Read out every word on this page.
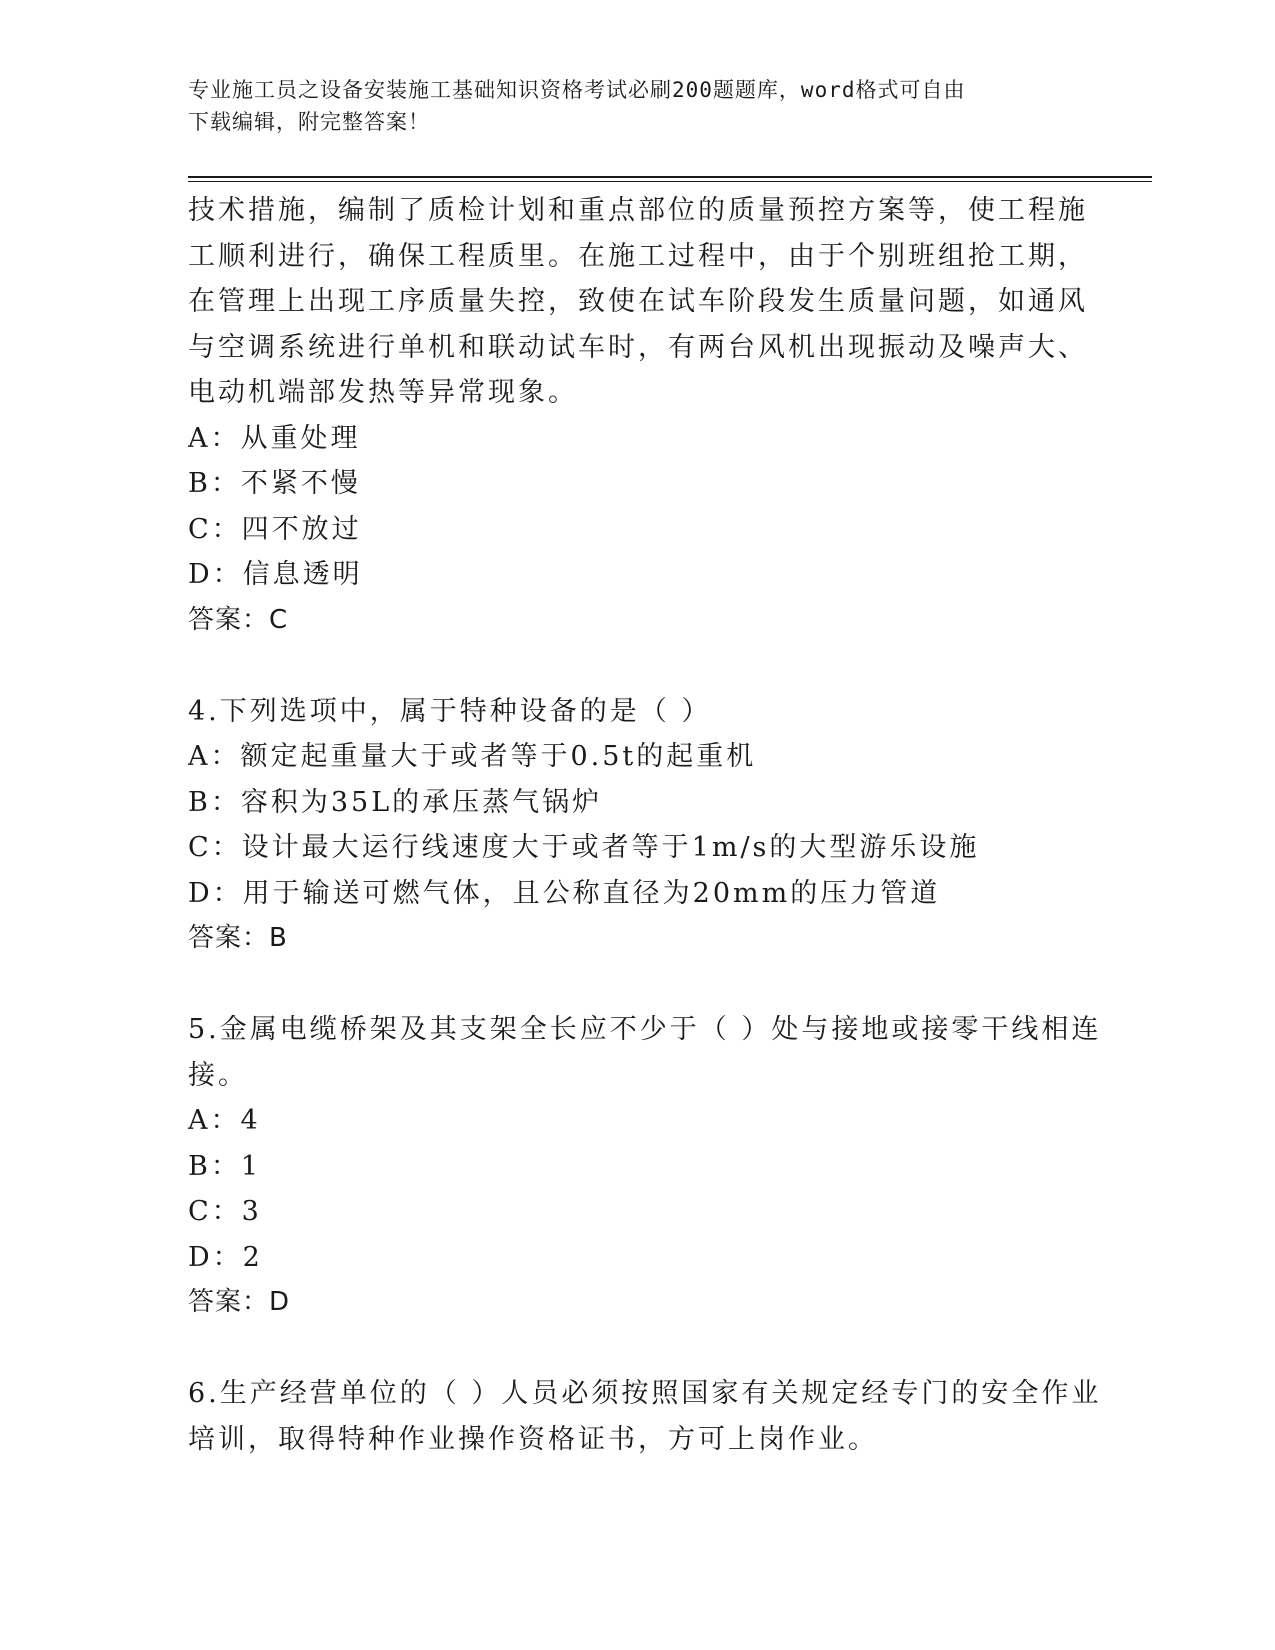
专业施工员之设备安装施工基础知识资格考试必刷200题题库，word格式可自由
下载编辑，附完整答案！
技术措施，编制了质检计划和重点部位的质量预控方案等，使工程施
工顺利进行，确保工程质里。在施工过程中，由于个别班组抢工期，
在管理上出现工序质量失控，致使在试车阶段发生质量问题，如通风
与空调系统进行单机和联动试车时，有两台风机出现振动及噪声大、
电动机端部发热等异常现象。
A：从重处理
B：不紧不慢
C：四不放过
D：信息透明
答案：C
4.下列选项中，属于特种设备的是（ ）
A：额定起重量大于或者等于0.5t的起重机
B：容积为35L的承压蒸气锅炉
C：设计最大运行线速度大于或者等于1m/s的大型游乐设施
D：用于输送可燃气体，且公称直径为20mm的压力管道
答案：B
5.金属电缆桥架及其支架全长应不少于（ ）处与接地或接零干线相连
接。
A：4
B：1
C：3
D：2
答案：D
6.生产经营单位的（ ）人员必须按照国家有关规定经专门的安全作业
培训，取得特种作业操作资格证书，方可上岗作业。
